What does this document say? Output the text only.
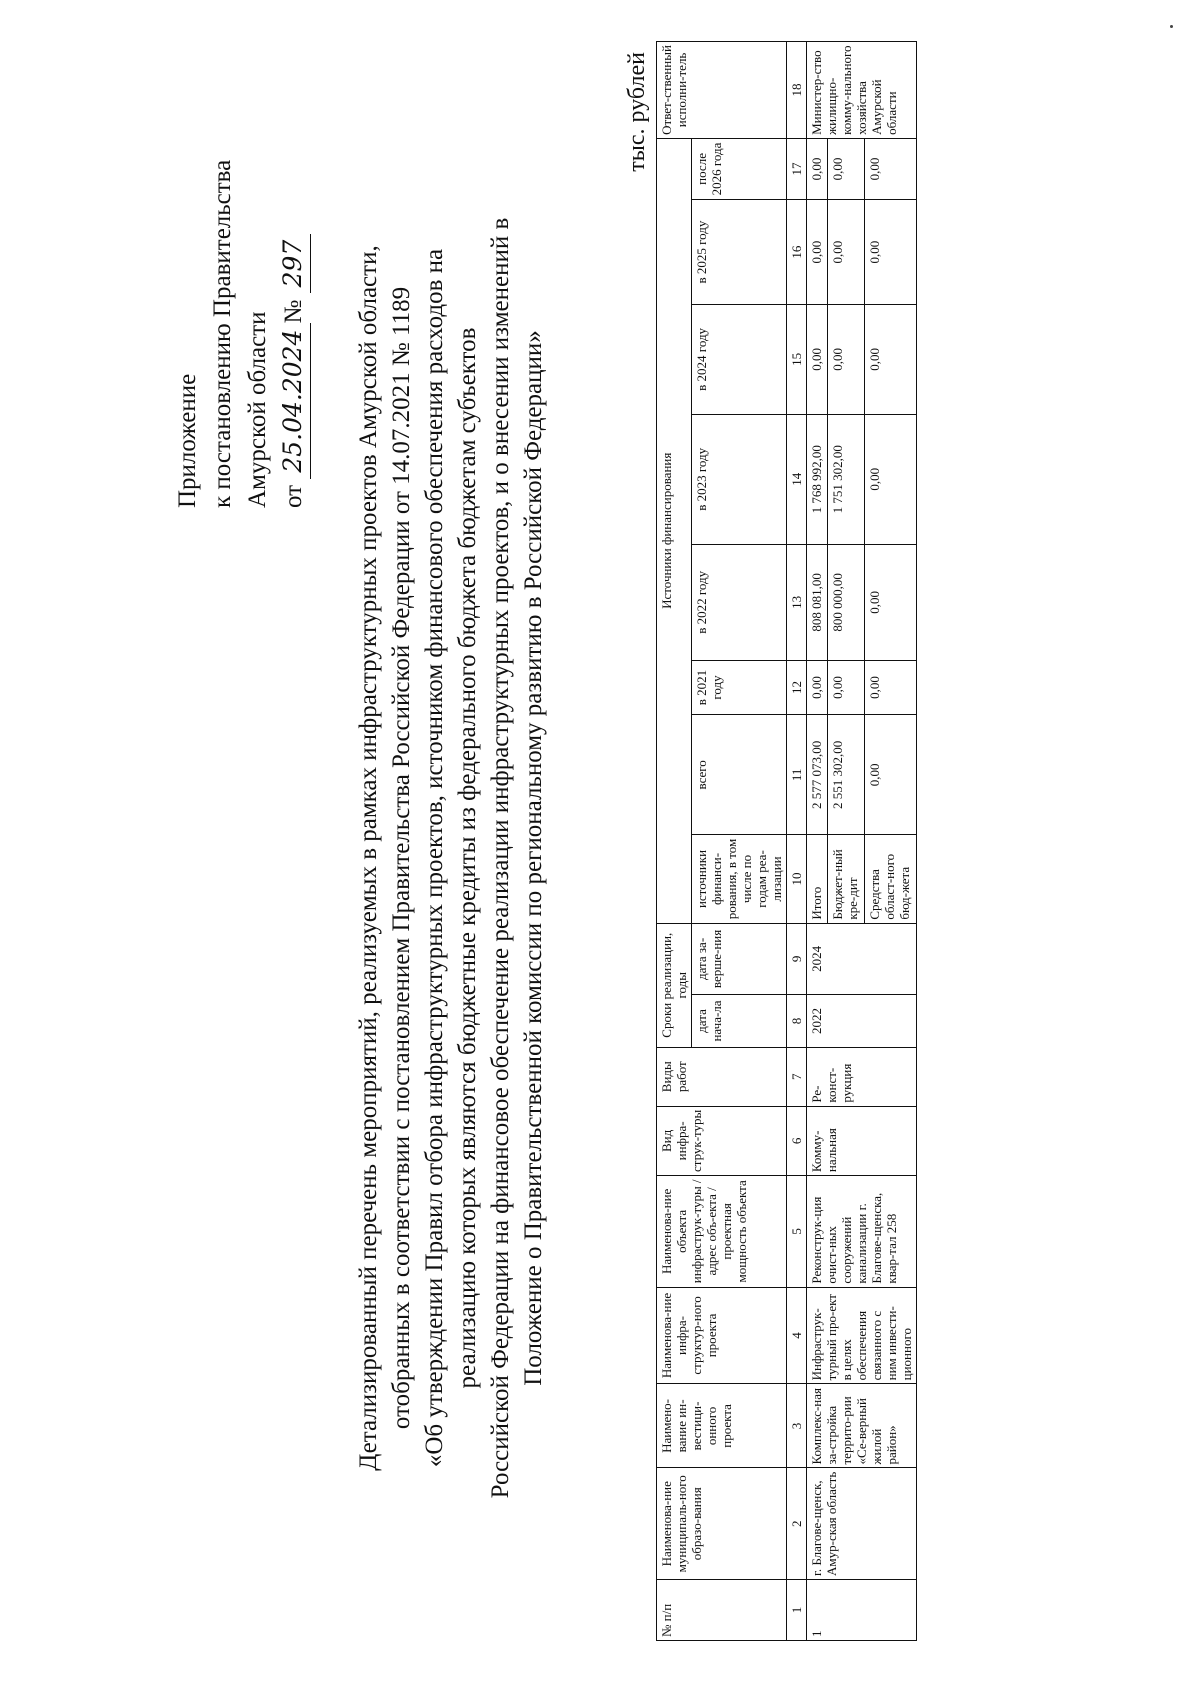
Приложение к постановлению Правительства Амурской области от 25.04.2024№ 297 Детализированный перечень мероприятий, реализуемых в рамках инфраструктурных проектов Амурской области, отобранных в соответствии с постановлением Правительства Российской Федерации от 14.07.2021 № 1189 «Об утверждении Правил отбора инфраструктурных проектов, источником финансового обеспечения расходов на реализацию которых являются бюджетные кредиты из федерального бюджета бюджетам субъектов Российской Федерации на финансовое обеспечение реализации инфраструктурных проектов, и о внесении изменений в Положение о Правительственной комиссии по региональному развитию в Российской Федерации»
тыс. рублей
№ п/п	Наименова-ние муниципаль-ного образо-вания	Наимено-вание ин-вестици-онного проекта	Наименова-ние инфра-структур-ного проекта	Наименова-ние объекта инфраструк-туры / адрес объ-екта / проектная мощность объекта	Вид инфра-струк-туры	Виды работ	Сроки реализации, годы		Источники финансирования								Ответ-ственный исполни-тель
							дата нача-ла	дата за-верше-ния	источники финанси-рования, в том числе по годам реа-лизации	всего	в 2021 году	в 2022 году	в 2023 году	в 2024 году	в 2025 году	после 2026 года	

1	2	3	4	5	6	7	8	9	10	11	12	13	14	15	16	17	18
1	г. Благове-щенск, Амур-ская область	Комплекс-ная за-стройка террито-рии «Се-верный жилой район»	Инфраструк-турный про-ект в целях обеспечения связанного с ним инвести-ционного	Реконструк-ция очист-ных сооружений канализации г. Благове-щенска, квар-тал 258	Комму-нальная	Ре-конст-рукция	2022	2024	Итого	2 577 073,00	0,00	808 081,00	1 768 992,00	0,00	0,00	0,00	Министер-ство жилищно-комму-нального хозяйства Амурской области
									Бюджет-ный кре-дит	2 551 302,00	0,00	800 000,00	1 751 302,00	0,00	0,00	0,00	
									Средства област-ного бюд-жета	0,00	0,00	0,00	0,00	0,00	0,00	0,00	
